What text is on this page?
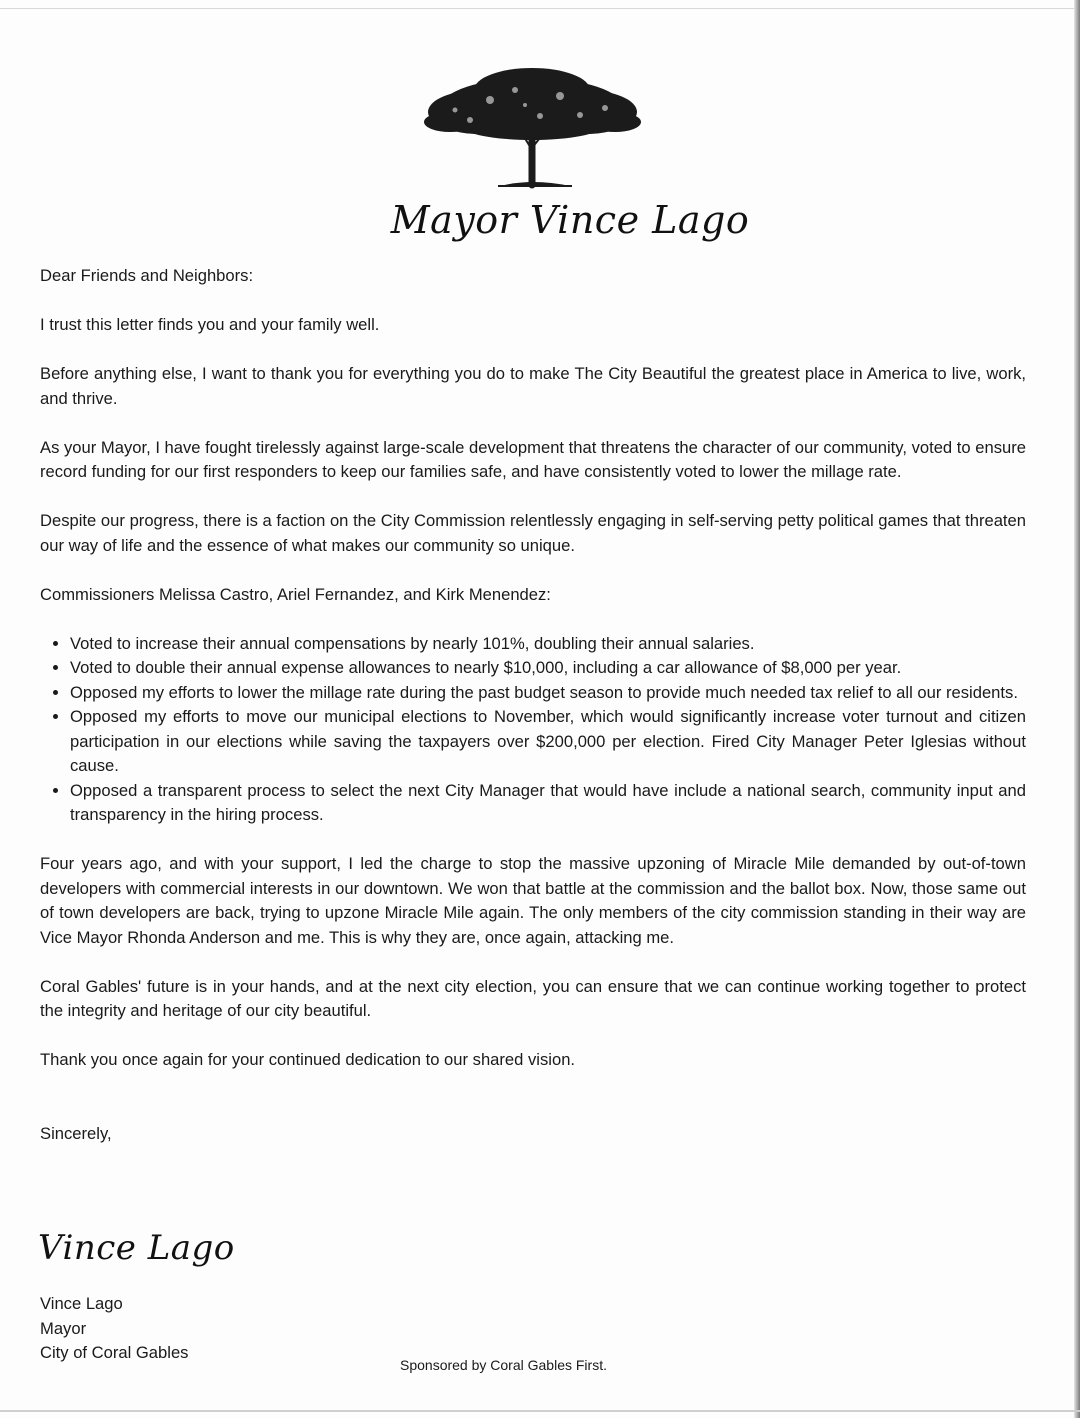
Mayor Vince Lago

Dear Friends and Neighbors:

I trust this letter finds you and your family well.

Before anything else, I want to thank you for everything you do to make The City Beautiful the greatest place in America to live, work, and thrive.

As your Mayor, I have fought tirelessly against large-scale development that threatens the character of our community, voted to ensure record funding for our first responders to keep our families safe, and have consistently voted to lower the millage rate.

Despite our progress, there is a faction on the City Commission relentlessly engaging in self-serving petty political games that threaten our way of life and the essence of what makes our community so unique.

Commissioners Melissa Castro, Ariel Fernandez, and Kirk Menendez:

• Voted to increase their annual compensations by nearly 101%, doubling their annual salaries.
• Voted to double their annual expense allowances to nearly $10,000, including a car allowance of $8,000 per year.
• Opposed my efforts to lower the millage rate during the past budget season to provide much needed tax relief to all our residents.
• Opposed my efforts to move our municipal elections to November, which would significantly increase voter turnout and citizen participation in our elections while saving the taxpayers over $200,000 per election. Fired City Manager Peter Iglesias without cause.
• Opposed a transparent process to select the next City Manager that would have include a national search, community input and transparency in the hiring process.

Four years ago, and with your support, I led the charge to stop the massive upzoning of Miracle Mile demanded by out-of-town developers with commercial interests in our downtown. We won that battle at the commission and the ballot box. Now, those same out of town developers are back, trying to upzone Miracle Mile again. The only members of the city commission standing in their way are Vice Mayor Rhonda Anderson and me. This is why they are, once again, attacking me.

Coral Gables' future is in your hands, and at the next city election, you can ensure that we can continue working together to protect the integrity and heritage of our city beautiful.

Thank you once again for your continued dedication to our shared vision.

Sincerely,

Vince Lago
Vince Lago
Mayor
City of Coral Gables
Sponsored by Coral Gables First.
